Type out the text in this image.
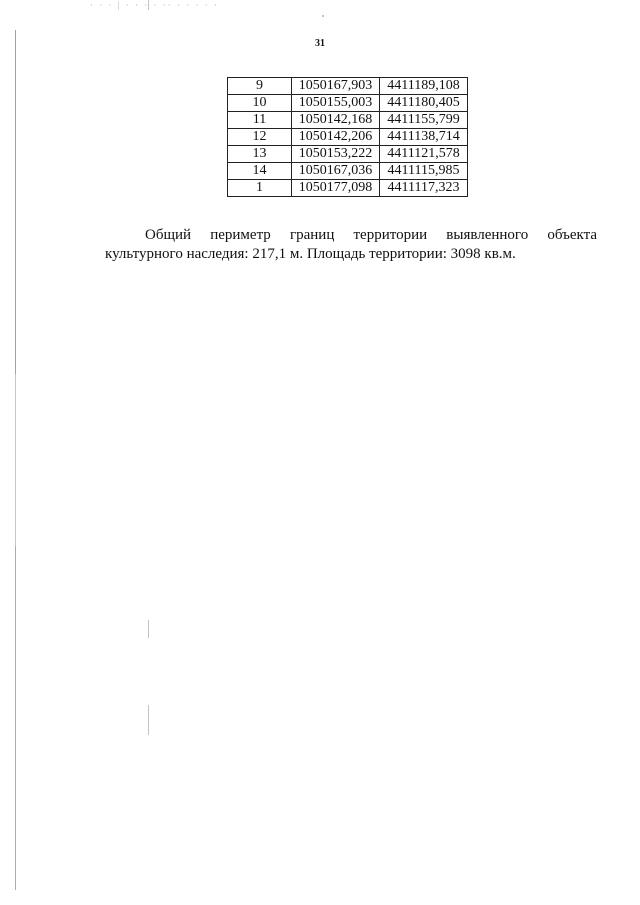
· · · | · · · · ·· · · · · ·
31
9	1050167,903	4411189,108
10	1050155,003	4411180,405
11	1050142,168	4411155,799
12	1050142,206	4411138,714
13	1050153,222	4411121,578
14	1050167,036	4411115,985
1	1050177,098	4411117,323
Общий периметр границ территории выявленного объекта культурного наследия: 217,1 м. Площадь территории: 3098 кв.м.
